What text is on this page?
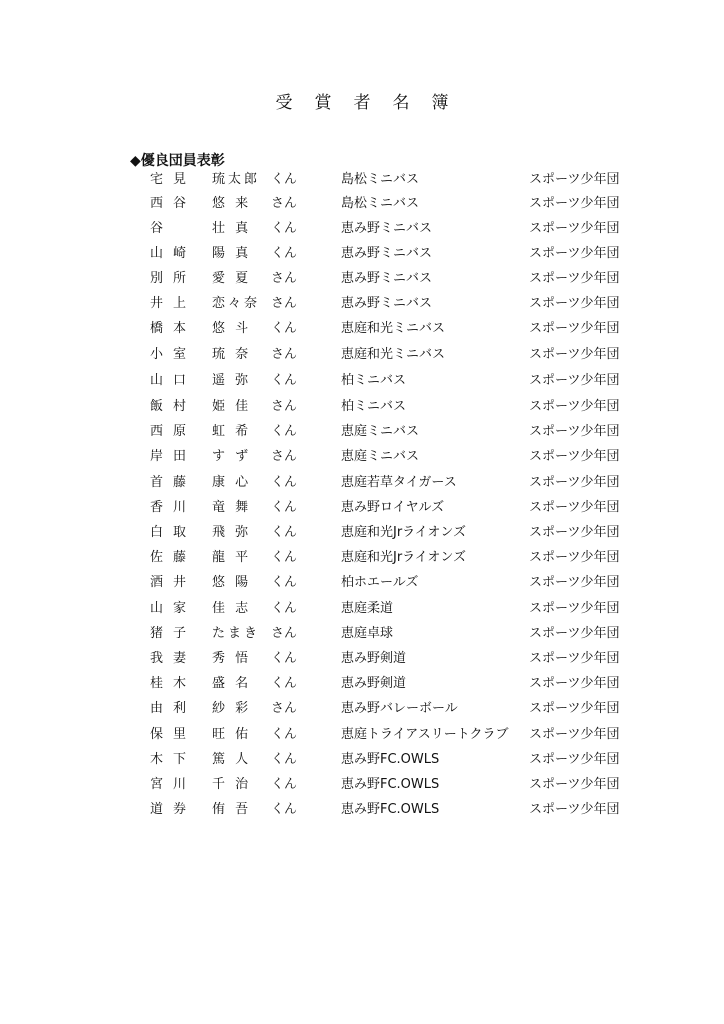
受賞者名簿
◆優良団員表彰
宅見 琉太郎 くん	島松ミニバス	スポーツ少年団
西谷 悠 来	さん	島松ミニバス	スポーツ少年団
谷	壮 真	くん	恵み野ミニバス	スポーツ少年団
山崎 陽 真	くん	恵み野ミニバス	スポーツ少年団
別所 愛 夏	さん	恵み野ミニバス	スポーツ少年団
井上 恋々奈 さん	恵み野ミニバス	スポーツ少年団
橋本 悠 斗	くん	恵庭和光ミニバス	スポーツ少年団
小室 琉 奈	さん	恵庭和光ミニバス	スポーツ少年団
山口 遥 弥	くん	柏ミニバス	スポーツ少年団
飯村 姫 佳	さん	柏ミニバス	スポーツ少年団
西原 虹 希	くん	恵庭ミニバス	スポーツ少年団
岸田 す ず	さん	恵庭ミニバス	スポーツ少年団
首藤 康 心	くん	恵庭若草タイガース	スポーツ少年団
香川 竜 舞	くん	恵み野ロイヤルズ	スポーツ少年団
白取 飛 弥	くん	恵庭和光Jrライオンズ	スポーツ少年団
佐藤 龍 平	くん	恵庭和光Jrライオンズ	スポーツ少年団
酒井 悠 陽	くん	柏ホエールズ	スポーツ少年団
山家 佳 志	くん	恵庭柔道	スポーツ少年団
猪子 たまき さん	恵庭卓球	スポーツ少年団
我妻 秀 悟	くん	恵み野剣道	スポーツ少年団
桂木 盛 名	くん	恵み野剣道	スポーツ少年団
由利 紗 彩	さん	恵み野バレーボール	スポーツ少年団
保里 旺 佑	くん	恵庭トライアスリートクラブ スポーツ少年団
木下 篤 人	くん	恵み野FC.OWLS	スポーツ少年団
宮川 千 治	くん	恵み野FC.OWLS	スポーツ少年団
道券 侑 吾	くん	恵み野FC.OWLS	スポーツ少年団
